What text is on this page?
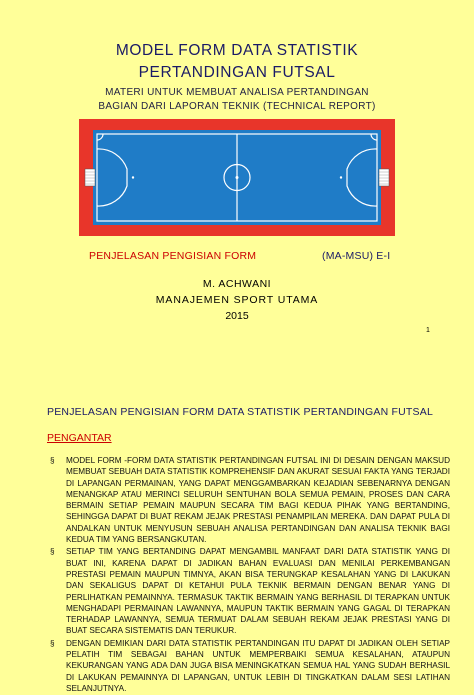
MODEL FORM DATA STATISTIK
PERTANDINGAN FUTSAL
MATERI UNTUK MEMBUAT ANALISA PERTANDINGAN
BAGIAN DARI LAPORAN TEKNIK (TECHNICAL REPORT)
PENJELASAN PENGISIAN FORM	(MA-MSU) E-I
M. ACHWANI
MANAJEMEN SPORT UTAMA
2015
1
PENJELASAN PENGISIAN FORM DATA STATISTIK PERTANDINGAN FUTSAL
PENGANTAR
§ MODEL FORM -FORM DATA STATISTIK PERTANDINGAN FUTSAL INI DI DESAIN DENGAN MAKSUD MEMBUAT SEBUAH DATA STATISTIK KOMPREHENSIF DAN AKURAT SESUAI FAKTA YANG TERJADI DI LAPANGAN PERMAINAN, YANG DAPAT MENGGAMBARKAN KEJADIAN SEBENARNYA DENGAN MENANGKAP ATAU MERINCI SELURUH SENTUHAN BOLA SEMUA PEMAIN, PROSES DAN CARA BERMAIN SETIAP PEMAIN MAUPUN SECARA TIM BAGI KEDUA PIHAK YANG BERTANDING, SEHINGGA DAPAT DI BUAT REKAM JEJAK PRESTASI PENAMPILAN MEREKA. DAN DAPAT PULA DI ANDALKAN UNTUK MENYUSUN SEBUAH ANALISA PERTANDINGAN DAN ANALISA TEKNIK BAGI KEDUA TIM YANG BERSANGKUTAN.
§ SETIAP TIM YANG BERTANDING DAPAT MENGAMBIL MANFAAT DARI DATA STATISTIK YANG DI BUAT INI, KARENA DAPAT DI JADIKAN BAHAN EVALUASI DAN MENILAI PERKEMBANGAN PRESTASI PEMAIN MAUPUN TIMNYA, AKAN BISA TERUNGKAP KESALAHAN YANG DI LAKUKAN DAN SEKALIGUS DAPAT DI KETAHUI PULA TEKNIK BERMAIN DENGAN BENAR YANG DI PERLIHATKAN PEMAINNYA. TERMASUK TAKTIK BERMAIN YANG BERHASIL DI TERAPKAN UNTUK MENGHADAPI PERMAINAN LAWANNYA, MAUPUN TAKTIK BERMAIN YANG GAGAL DI TERAPKAN TERHADAP LAWANNYA, SEMUA TERMUAT DALAM SEBUAH REKAM JEJAK PRESTASI YANG DI BUAT SECARA SISTEMATIS DAN TERUKUR.
§ DENGAN DEMIKIAN DARI DATA STATISTIK PERTANDINGAN ITU DAPAT DI JADIKAN OLEH SETIAP PELATIH TIM SEBAGAI BAHAN UNTUK MEMPERBAIKI SEMUA KESALAHAN, ATAUPUN KEKURANGAN YANG ADA DAN JUGA BISA MENINGKATKAN SEMUA HAL YANG SUDAH BERHASIL DI LAKUKAN PEMAINNYA DI LAPANGAN, UNTUK LEBIH DI TINGKATKAN DALAM SESI LATIHAN SELANJUTNYA.
